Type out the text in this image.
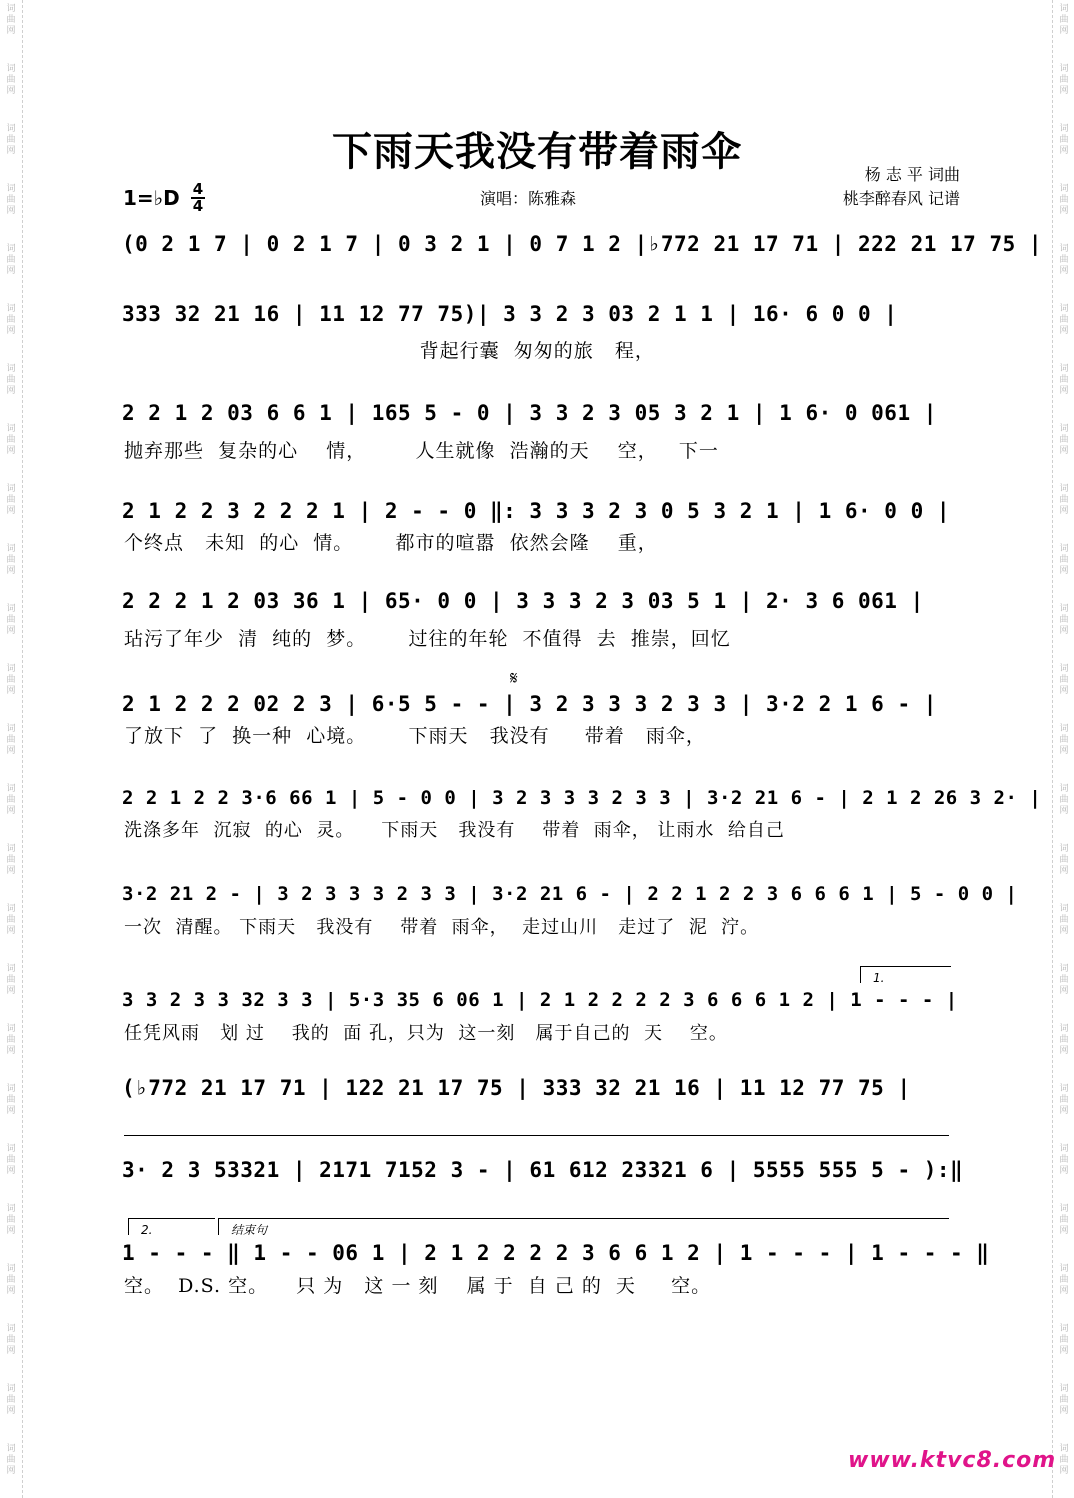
词
曲
网
词
曲
网
词
曲
网
词
曲
网
词
曲
网
词
曲
网
词
曲
网
词
曲
网
词
曲
网
词
曲
网
词
曲
网
词
曲
网
词
曲
网
词
曲
网
词
曲
网
词
曲
网
词
曲
网
词
曲
网
词
曲
网
词
曲
网
词
曲
网
词
曲
网
词
曲
网
词
曲
网
词
曲
网
词
曲
网
词
曲
网
词
曲
网
词
曲
网
词
曲
网
词
曲
网
词
曲
网
词
曲
网
词
曲
网
词
曲
网
词
曲
网
词
曲
网
词
曲
网
词
曲
网
词
曲
网
词
曲
网
词
曲
网
词
曲
网
词
曲
网
词
曲
网
词
曲
网
词
曲
网
词
曲
网
词
曲
网
词
曲
网
下雨天我没有带着雨伞	杨 志 平 词曲
桃李醉春风 记谱
演唱：陈雅森
1=♭D 4
4
(0 2 1 7 | 0 2 1 7 | 0 3 2 1 | 0 7 1 2 |♭772 21 17 71 | 222 21 17 75 |
333 32 21 16 | 11 12 77 75)| 3 3 2 3 03 2 1 1 | 16· 6 0 0 |
背起行囊  匆匆的旅   程，
2 2 1 2 03 6 6 1 | 165 5 - 0 | 3 3 2 3 05 3 2 1 | 1 6· 0 061 |
抛弃那些  复杂的心    情，       人生就像  浩瀚的天    空，   下一
2 1 2 2 3 2 2 2 1 | 2 - - 0 ‖: 3 3 3 2 3 0 5 3 2 1 | 1 6· 0 0 |
个终点   未知  的心  情。      都市的喧嚣  依然会隆    重，
2 2 2 1 2 03 36 1 | 65· 0 0 | 3 3 3 2 3 03 5 1 | 2· 3 6 061 |
玷污了年少  清  纯的  梦。      过往的年轮  不值得  去  推崇，回忆
𝄋
2 1 2 2 2 02 2 3 | 6·5 5 - - | 3 2 3 3 3 2 3 3 | 3·2 2 1 6 - |
了放下  了  换一种  心境。      下雨天   我没有     带着   雨伞，
2 2 1 2 2 3·6 66 1 | 5 - 0 0 | 3 2 3 3 3 2 3 3 | 3·2 21 6 - | 2 1 2 26 3 2· |
洗涤多年  沉寂  的心  灵。    下雨天   我没有    带着  雨伞， 让雨水  给自己
3·2 21 2 - | 3 2 3 3 3 2 3 3 | 3·2 21 6 - | 2 2 1 2 2 3 6 6 6 1 | 5 - 0 0 |
一次  清醒。 下雨天   我没有    带着  雨伞，  走过山川   走过了  泥  泞。
1.
3 3 2 3 3 32 3 3 | 5·3 35 6 06 1 | 2 1 2 2 2 2 3 6 6 6 1 2 | 1 - - - |
任凭风雨   划 过    我的  面 孔，只为  这一刻   属于自己的  天    空。
(♭772 21 17 71 | 122 21 17 75 | 333 32 21 16 | 11 12 77 75 |
3· 2 3 53321 | 2171 7152 3 - | 61 612 23321 6 | 5555 555 5 - ):‖
2.	结束句
1 - - - ‖ 1 - - 06 1 | 2 1 2 2 2 2 3 6 6 1 2 | 1 - - - | 1 - - - ‖
空。  D.S. 空。    只 为   这 一 刻    属 于  自 己 的  天     空。
www.ktvc8.com
